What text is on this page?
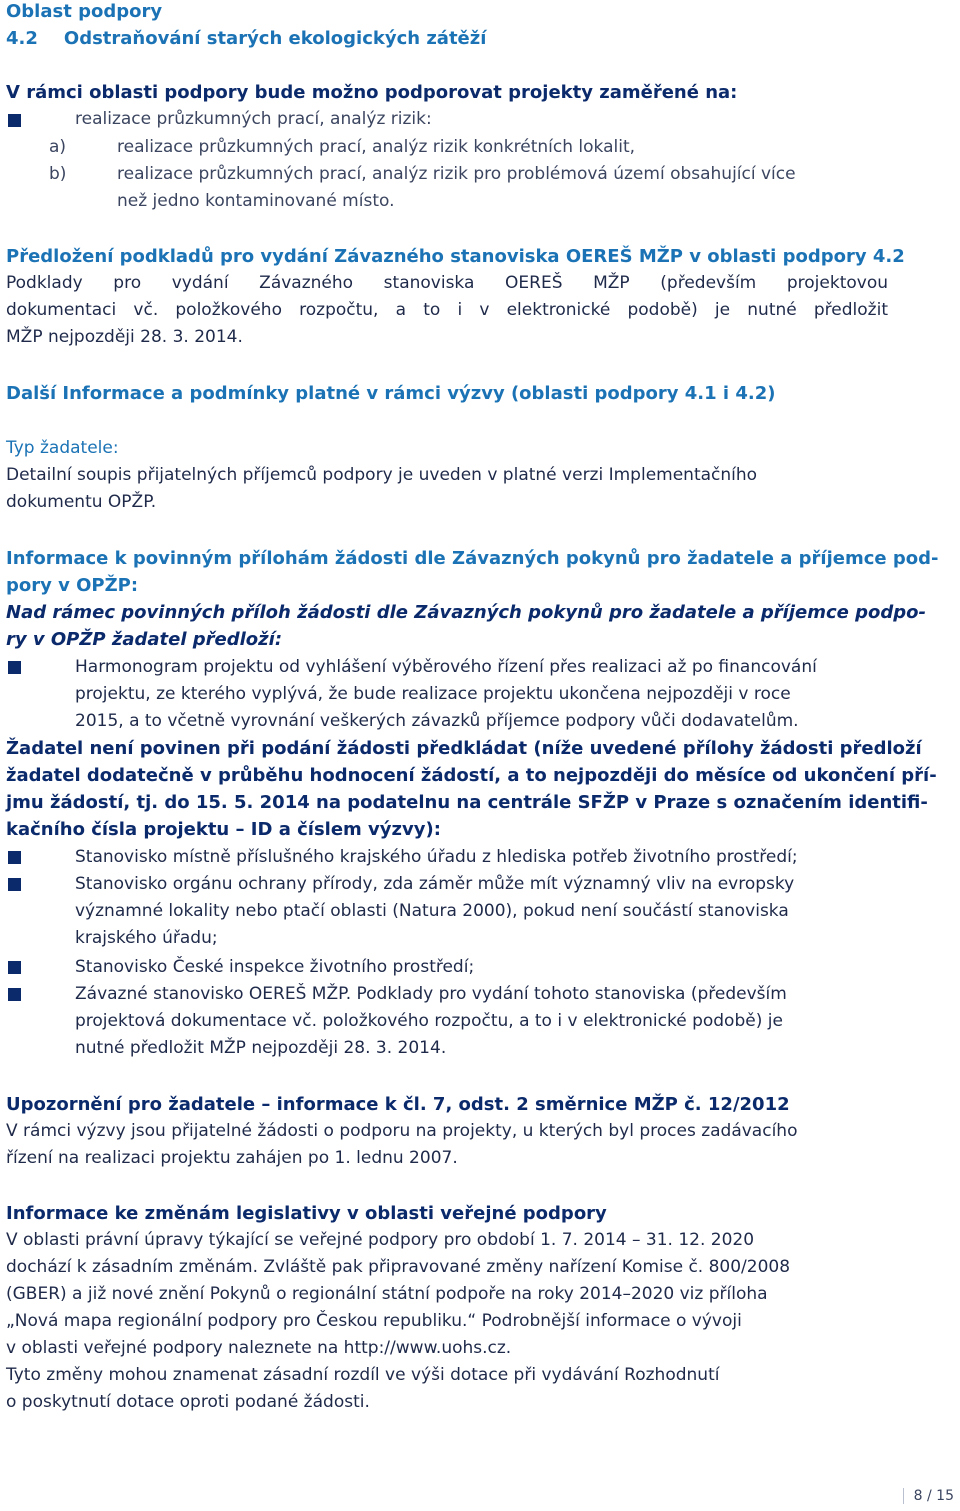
Oblast podpory
4.2 Odstraňování starých ekologických zátěží
V rámci oblasti podpory bude možno podporovat projekty zaměřené na:
realizace průzkumných prací, analýz rizik:
a)	realizace průzkumných prací, analýz rizik konkrétních lokalit,
b)	realizace průzkumných prací, analýz rizik pro problémová území obsahující více
než jedno kontaminované místo.
Předložení podkladů pro vydání Závazného stanoviska OEREŠ MŽP v oblasti podpory 4.2
Podklady pro vydání Závazného stanoviska OEREŠ MŽP (především projektovou
dokumentaci vč. položkového rozpočtu, a to i v elektronické podobě) je nutné předložit
MŽP nejpozději 28. 3. 2014.
Další Informace a podmínky platné v rámci výzvy (oblasti podpory 4.1 i 4.2)
Typ žadatele:
Detailní soupis přijatelných příjemců podpory je uveden v platné verzi Implementačního
dokumentu OPŽP.
Informace k povinným přílohám žádosti dle Závazných pokynů pro žadatele a příjemce pod-
pory v OPŽP:
Nad rámec povinných příloh žádosti dle Závazných pokynů pro žadatele a příjemce podpo-
ry v OPŽP žadatel předloží:
Harmonogram projektu od vyhlášení výběrového řízení přes realizaci až po financování
projektu, ze kterého vyplývá, že bude realizace projektu ukončena nejpozději v roce
2015, a to včetně vyrovnání veškerých závazků příjemce podpory vůči dodavatelům.
Žadatel není povinen při podání žádosti předkládat (níže uvedené přílohy žádosti předloží
žadatel dodatečně v průběhu hodnocení žádostí, a to nejpozději do měsíce od ukončení pří-
jmu žádostí, tj. do 15. 5. 2014 na podatelnu na centrále SFŽP v Praze s označením identifi-
kačního čísla projektu – ID a číslem výzvy):
Stanovisko místně příslušného krajského úřadu z hlediska potřeb životního prostředí;
Stanovisko orgánu ochrany přírody, zda záměr může mít významný vliv na evropsky
významné lokality nebo ptačí oblasti (Natura 2000), pokud není součástí stanoviska
krajského úřadu;
Stanovisko České inspekce životního prostředí;
Závazné stanovisko OEREŠ MŽP. Podklady pro vydání tohoto stanoviska (především
projektová dokumentace vč. položkového rozpočtu, a to i v elektronické podobě) je
nutné předložit MŽP nejpozději 28. 3. 2014.
Upozornění pro žadatele – informace k čl. 7, odst. 2 směrnice MŽP č. 12/2012
V rámci výzvy jsou přijatelné žádosti o podporu na projekty, u kterých byl proces zadávacího
řízení na realizaci projektu zahájen po 1. lednu 2007.
Informace ke změnám legislativy v oblasti veřejné podpory
V oblasti právní úpravy týkající se veřejné podpory pro období 1. 7. 2014 – 31. 12. 2020
dochází k zásadním změnám. Zvláště pak připravované změny nařízení Komise č. 800/2008
(GBER) a již nové znění Pokynů o regionální státní podpoře na roky 2014–2020 viz příloha
„Nová mapa regionální podpory pro Českou republiku.“ Podrobnější informace o vývoji
v oblasti veřejné podpory naleznete na http://www.uohs.cz.
Tyto změny mohou znamenat zásadní rozdíl ve výši dotace při vydávání Rozhodnutí
o poskytnutí dotace oproti podané žádosti.
8 / 15
